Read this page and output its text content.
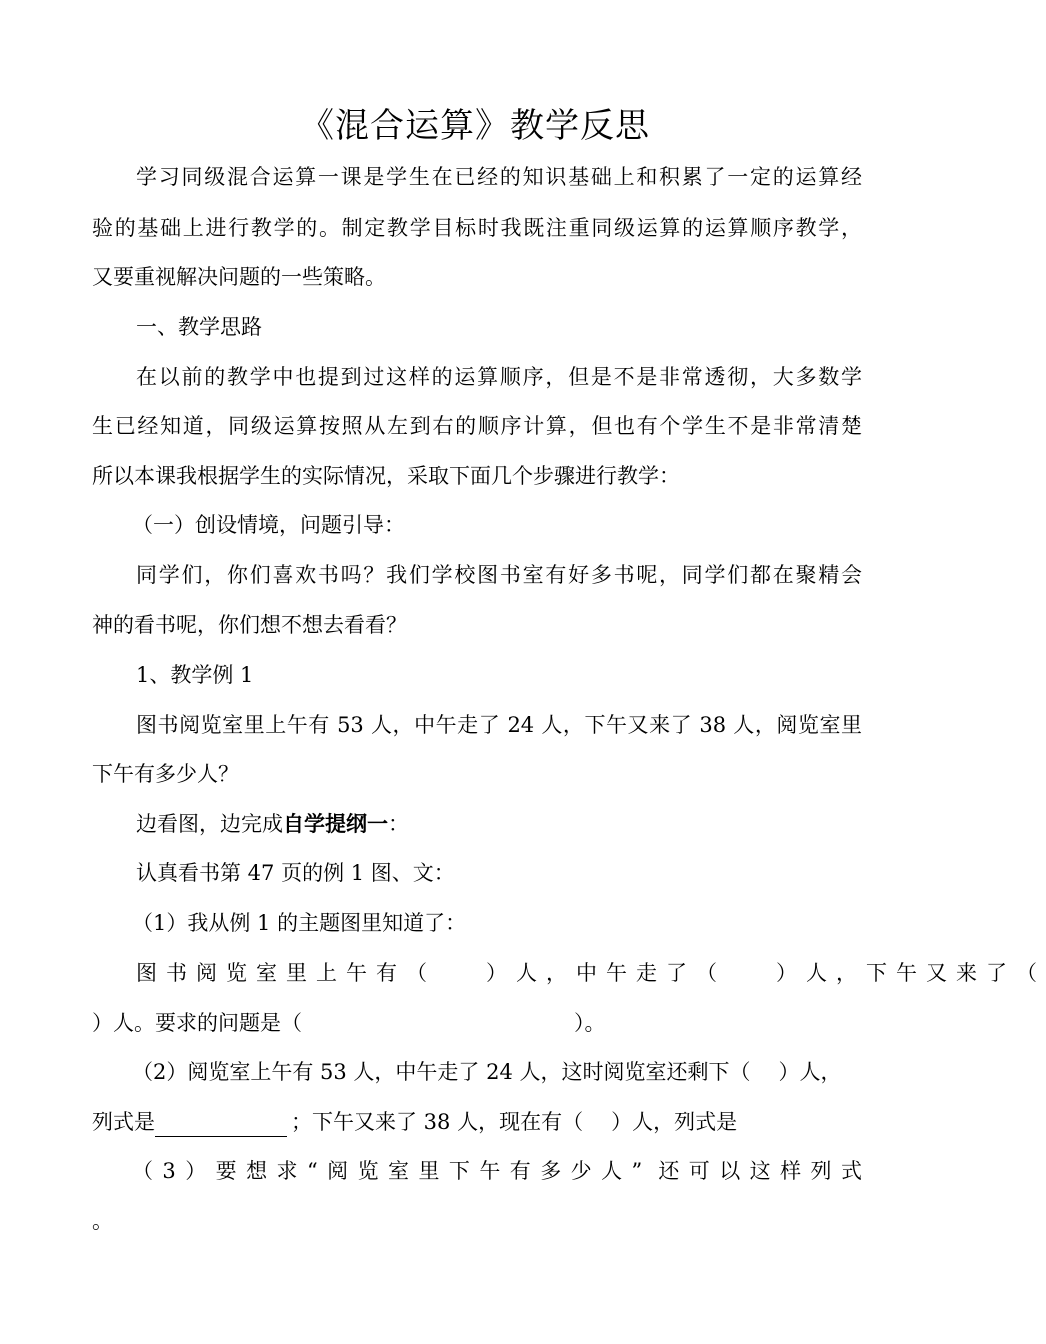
《混合运算》教学反思
学习同级混合运算一课是学生在已经的知识基础上和积累了一定的运算经
验的基础上进行教学的。制定教学目标时我既注重同级运算的运算顺序教学，
又要重视解决问题的一些策略。
一、教学思路
在以前的教学中也提到过这样的运算顺序，但是不是非常透彻，大多数学
生已经知道，同级运算按照从左到右的顺序计算，但也有个学生不是非常清楚
所以本课我根据学生的实际情况，采取下面几个步骤进行教学：
（一）创设情境，问题引导：
同学们，你们喜欢书吗？我们学校图书室有好多书呢，同学们都在聚精会
神的看书呢，你们想不想去看看？
1、教学例 1
图书阅览室里上午有 53 人，中午走了 24 人，下午又来了 38 人，阅览室里
下午有多少人？
边看图，边完成自学提纲一：
认真看书第 47 页的例 1 图、文：
（1）我从例 1 的主题图里知道了：
图书阅览室里上午有（ ）人，中午走了（ ）人，下午又来了（
）人。要求的问题是（	）。
（2）阅览室上午有 53 人，中午走了 24 人，这时阅览室还剩下（ ）人，
列式是	；下午又来了 38 人，现在有（ ）人，列式是
（3）要想求“阅览室里下午有多少人” 还可以这样列式
。
